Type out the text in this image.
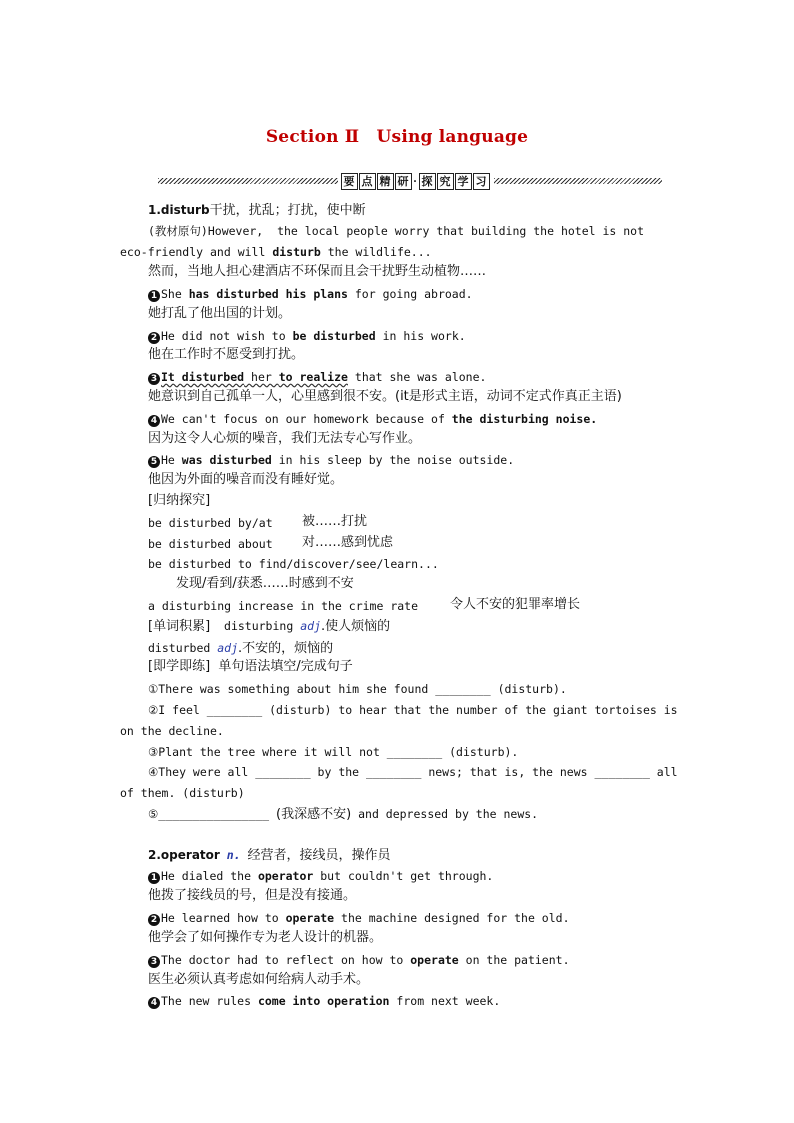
Section Ⅱ　Using language
要 点 精 研 · 探 究 学 习
1.disturb干扰，扰乱；打扰，使中断
(教材原句)However,  the local people worry that building the hotel is not
eco-friendly and will disturb the wildlife...
然而，当地人担心建酒店不环保而且会干扰野生动植物……
1 She has disturbed his plans for going abroad.
她打乱了他出国的计划。
2 He did not wish to be disturbed in his work.
他在工作时不愿受到打扰。
3 It disturbed her to realize that she was alone.
她意识到自己孤单一人，心里感到很不安。(it是形式主语，动词不定式作真正主语)
4 We can't focus on our homework because of the disturbing noise.
因为这令人心烦的噪音，我们无法专心写作业。
5 He was disturbed in his sleep by the noise outside.
他因为外面的噪音而没有睡好觉。
[归纳探究]
be disturbed by/at 被……打扰
be disturbed about 对……感到忧虑
be disturbed to find/discover/see/learn...
发现/看到/获悉……时感到不安
a disturbing increase in the crime rate 令人不安的犯罪率增长
[单词积累] disturbing adj.使人烦恼的
disturbed adj.不安的，烦恼的
[即学即练] 单句语法填空/完成句子
①There was something about him she found ________ (disturb).
②I feel ________ (disturb) to hear that the number of the giant tortoises is
on the decline.
③Plant the tree where it will not ________ (disturb).
④They were all ________ by the ________ news; that is, the news ________ all
of them. (disturb)
⑤________________ (我深感不安) and depressed by the news.
2.operator n. 经营者，接线员，操作员
1 He dialed the operator but couldn't get through.
他拨了接线员的号，但是没有接通。
2 He learned how to operate the machine designed for the old.
他学会了如何操作专为老人设计的机器。
3 The doctor had to reflect on how to operate on the patient.
医生必须认真考虑如何给病人动手术。
4 The new rules come into operation from next week.
